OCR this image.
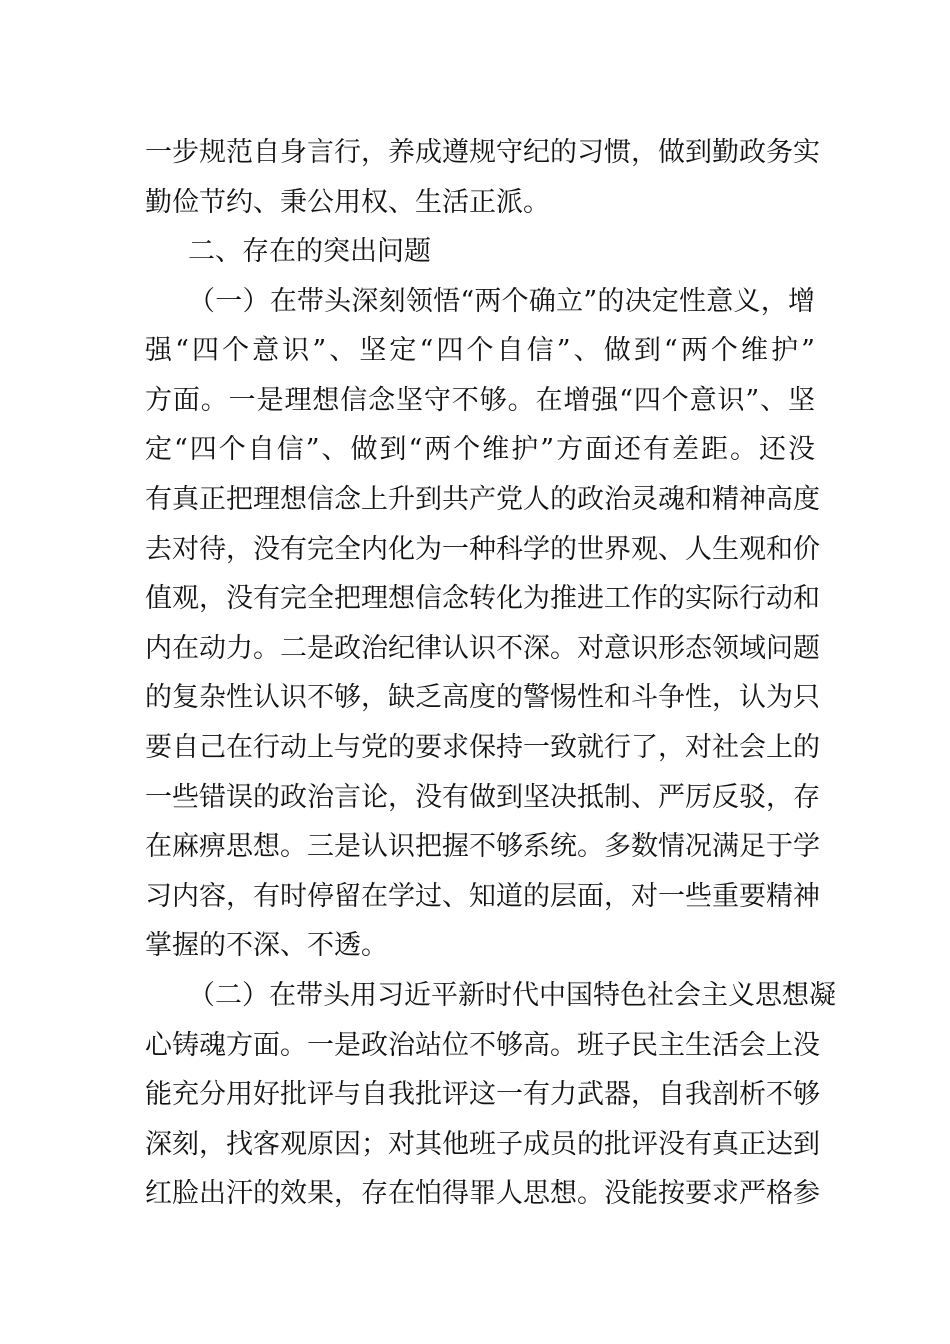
一步规范自身言行，养成遵规守纪的习惯，做到勤政务实
勤俭节约、秉公用权、生活正派。
二、存在的突出问题
（一）在带头深刻领悟“两个确立”的决定性意义，增
强“四个意识”、坚定“四个自信”、做到“两个维护”
方面。一是理想信念坚守不够。在增强“四个意识”、坚
定“四个自信”、做到“两个维护”方面还有差距。还没
有真正把理想信念上升到共产党人的政治灵魂和精神高度
去对待，没有完全内化为一种科学的世界观、人生观和价
值观，没有完全把理想信念转化为推进工作的实际行动和
内在动力。二是政治纪律认识不深。对意识形态领域问题
的复杂性认识不够，缺乏高度的警惕性和斗争性，认为只
要自己在行动上与党的要求保持一致就行了，对社会上的
一些错误的政治言论，没有做到坚决抵制、严厉反驳，存
在麻痹思想。三是认识把握不够系统。多数情况满足于学
习内容，有时停留在学过、知道的层面，对一些重要精神
掌握的不深、不透。
（二）在带头用习近平新时代中国特色社会主义思想凝
心铸魂方面。一是政治站位不够高。班子民主生活会上没
能充分用好批评与自我批评这一有力武器，自我剖析不够
深刻，找客观原因；对其他班子成员的批评没有真正达到
红脸出汗的效果，存在怕得罪人思想。没能按要求严格参
